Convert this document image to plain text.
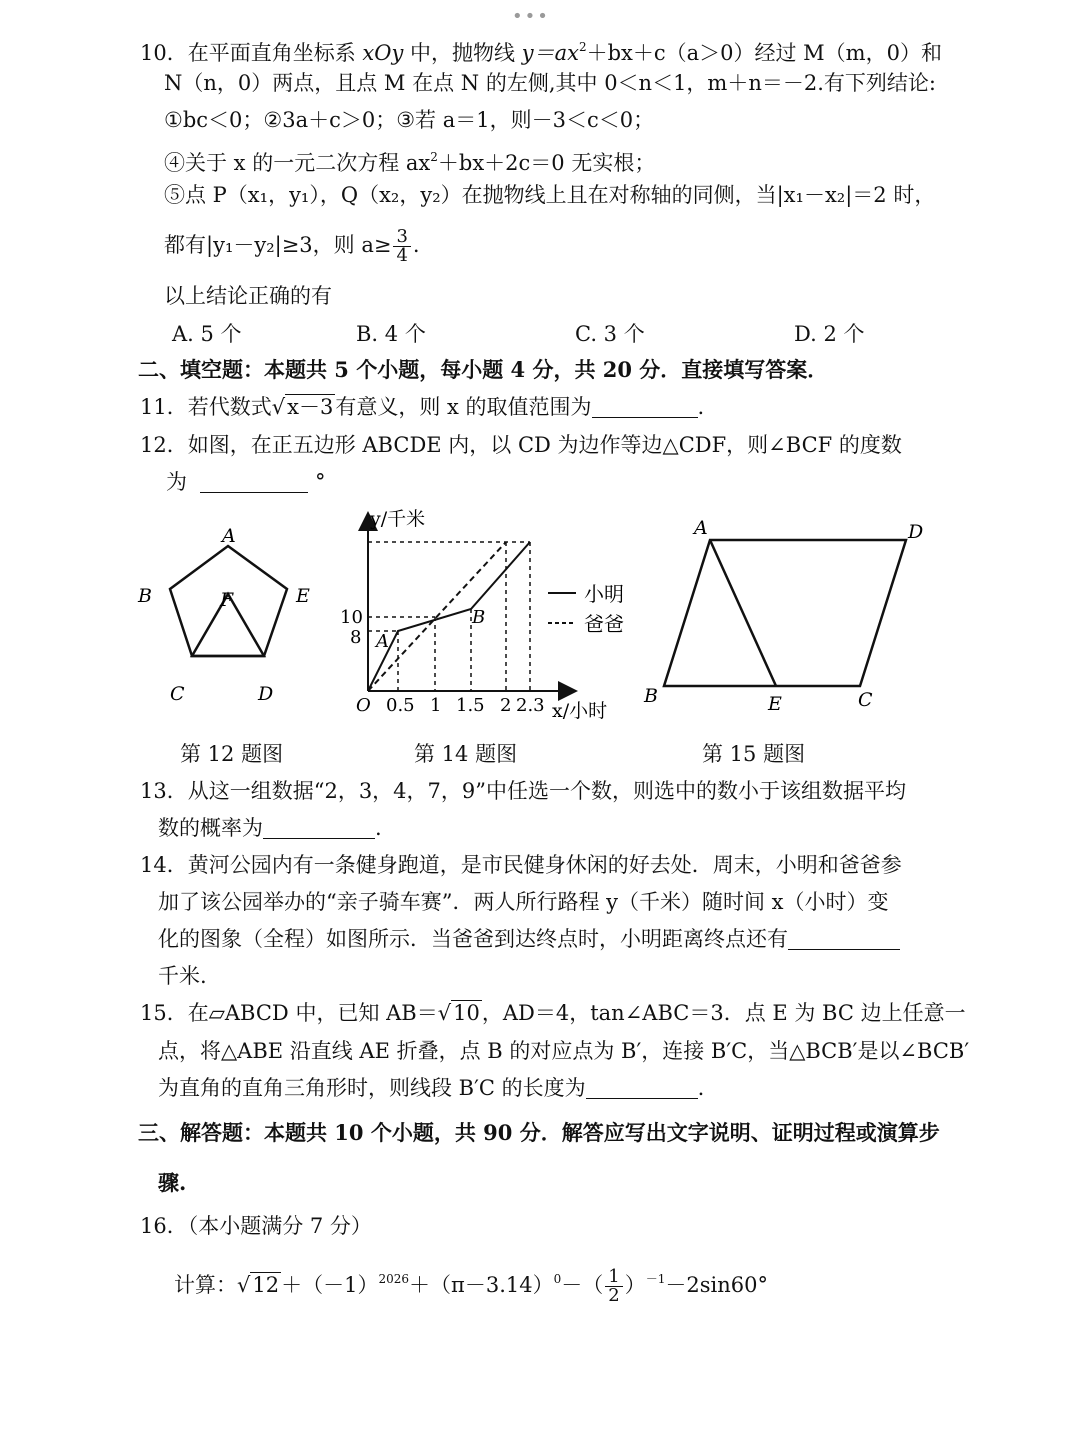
•••
10．在平面直角坐标系 xOy 中，抛物线 $y=ax^2+bx+c(a>0)$经过 M（m，0）和
N（n，0）两点，且点 M 在点 N 的左侧,其中 0＜n＜1，m＋n＝－2.有下列结论:
①bc＜0；②3a＋c＞0；③若 a＝1，则－3＜c＜0；
④关于 x 的一元二次方程 $ax^2+bx+2c=0$ 无实根；
⑤点 P（x₁，y₁），Q（x₂，y₂）在抛物线上且在对称轴的同侧，当|x₁－x₂|＝2 时，
都有|y₁－y₂|≥3，则 $a\ge \frac{3}{4}$ .
以上结论正确的有
A. 5 个	B. 4 个	C. 3 个	D. 2 个
二、填空题：本题共 5 个小题，每小题 4 分，共 20 分．直接填写答案．
11．若代数式√x－3有意义，则 x 的取值范围为	.
12．如图，在正五边形 ABCDE 内，以 CD 为边作等边△CDF，则∠BCF 的度数
为	°
A
B	E
F
C	D
y/千米
x/小时
O
10
8
0.5 1 1.5 2 2.3
A
B
小明
爸爸
A	D
B	E	C
第 12 题图	第 14 题图	第 15 题图
13．从这一组数据“2，3，4，7，9”中任选一个数，则选中的数小于该组数据平均
数的概率为	.
14．黄河公园内有一条健身跑道，是市民健身休闲的好去处．周末，小明和爸爸参
加了该公园举办的“亲子骑车赛”．两人所行路程 y（千米）随时间 x（小时）变
化的图象（全程）如图所示．当爸爸到达终点时，小明距离终点还有
千米.
15．在▱ABCD 中，已知 AB＝√10，AD＝4，tan∠ABC＝3．点 E 为 BC 边上任意一
点，将△ABE 沿直线 AE 折叠，点 B 的对应点为 B′，连接 B′C，当△BCB′是以∠BCB′
为直角的直角三角形时，则线段 B′C 的长度为	.
三、解答题：本题共 10 个小题，共 90 分．解答应写出文字说明、证明过程或演算步
骤.
16．（本小题满分 7 分）
计算：$√12+(-1)^{2026}+(\pi-3.14)^0-( \frac{1}{2} )^{-1}-2\sin 60^\circ$
